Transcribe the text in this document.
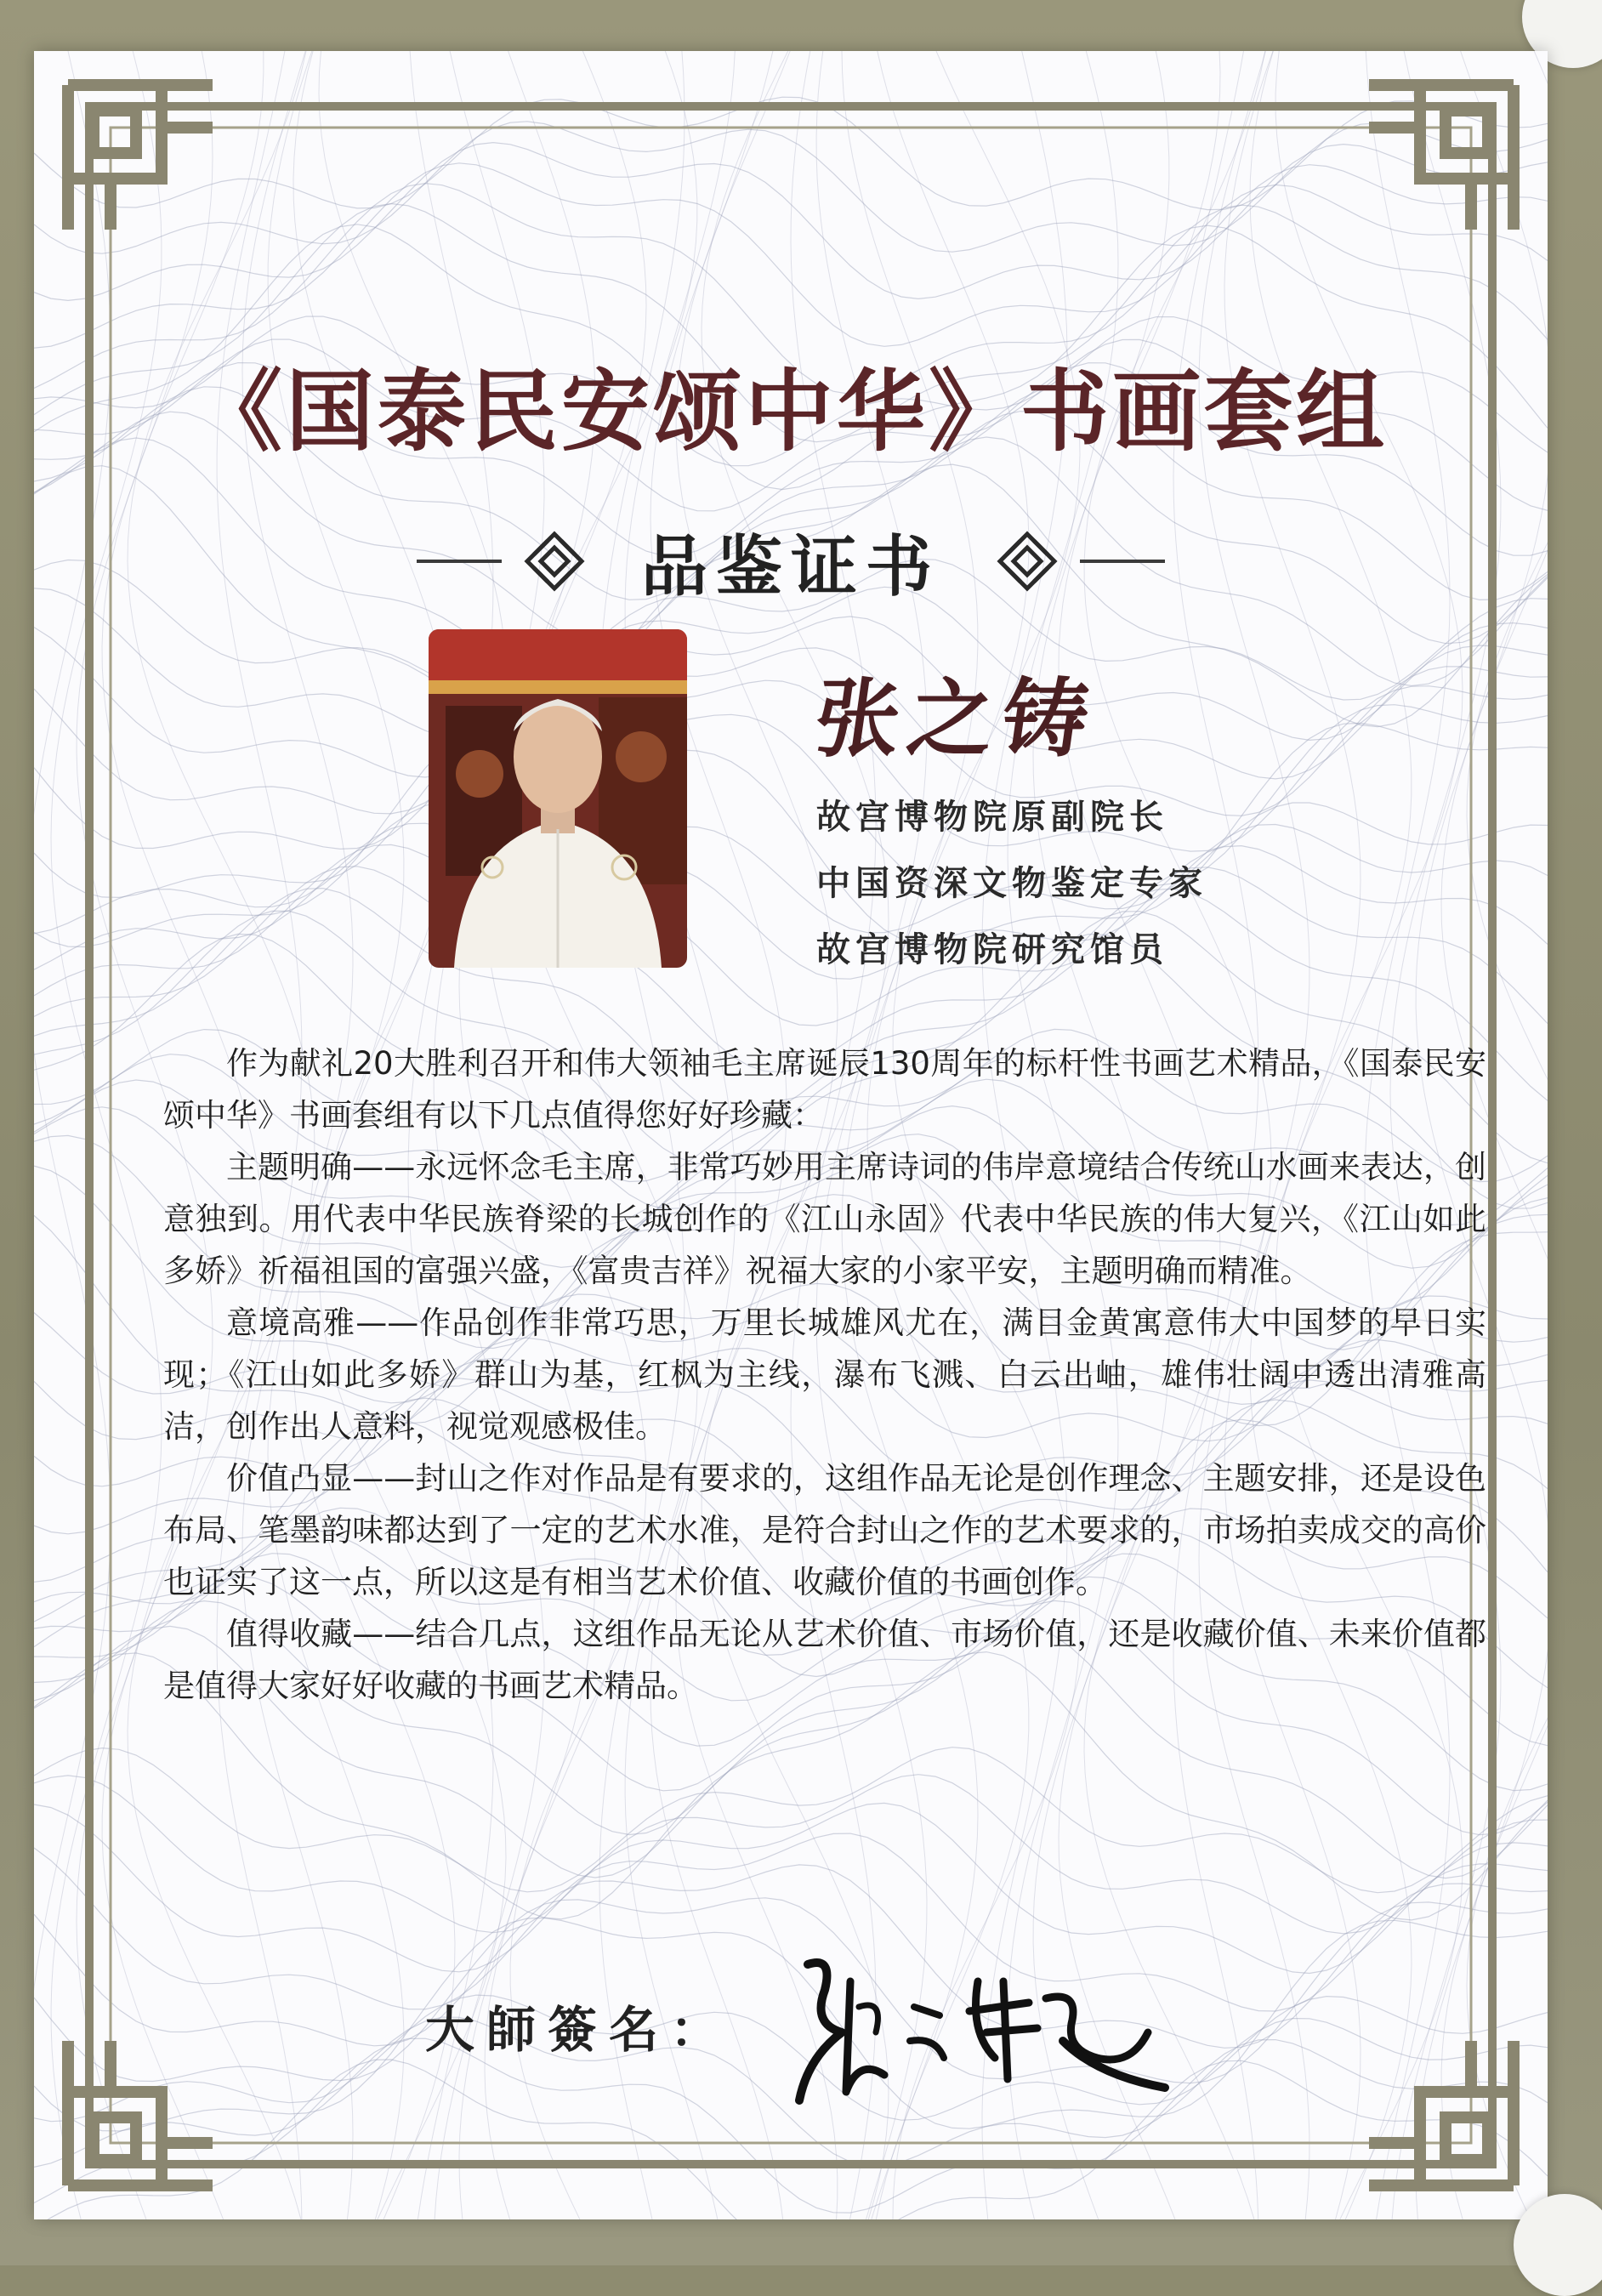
《国泰民安颂中华》书画套组
品鉴证书
张之铸
故宫博物院原副院长
中国资深文物鉴定专家
故宫博物院研究馆员

作为献礼20大胜利召开和伟大领袖毛主席诞辰130周年的标杆性书画艺术精品，《国泰民安颂中华》书画套组有以下几点值得您好好珍藏：

主题明确——永远怀念毛主席，非常巧妙用主席诗词的伟岸意境结合传统山水画来表达，创意独到。用代表中华民族脊梁的长城创作的《江山永固》代表中华民族的伟大复兴，《江山如此多娇》祈福祖国的富强兴盛，《富贵吉祥》祝福大家的小家平安，主题明确而精准。

意境高雅——作品创作非常巧思，万里长城雄风尤在，满目金黄寓意伟大中国梦的早日实现；《江山如此多娇》群山为基，红枫为主线，瀑布飞溅、白云出岫，雄伟壮阔中透出清雅高洁，创作出人意料，视觉观感极佳。

价值凸显——封山之作对作品是有要求的，这组作品无论是创作理念、主题安排，还是设色布局、笔墨韵味都达到了一定的艺术水准，是符合封山之作的艺术要求的，市场拍卖成交的高价也证实了这一点，所以这是有相当艺术价值、收藏价值的书画创作。

值得收藏——结合几点，这组作品无论从艺术价值、市场价值，还是收藏价值、未来价值都是值得大家好好收藏的书画艺术精品。

大師簽名：
